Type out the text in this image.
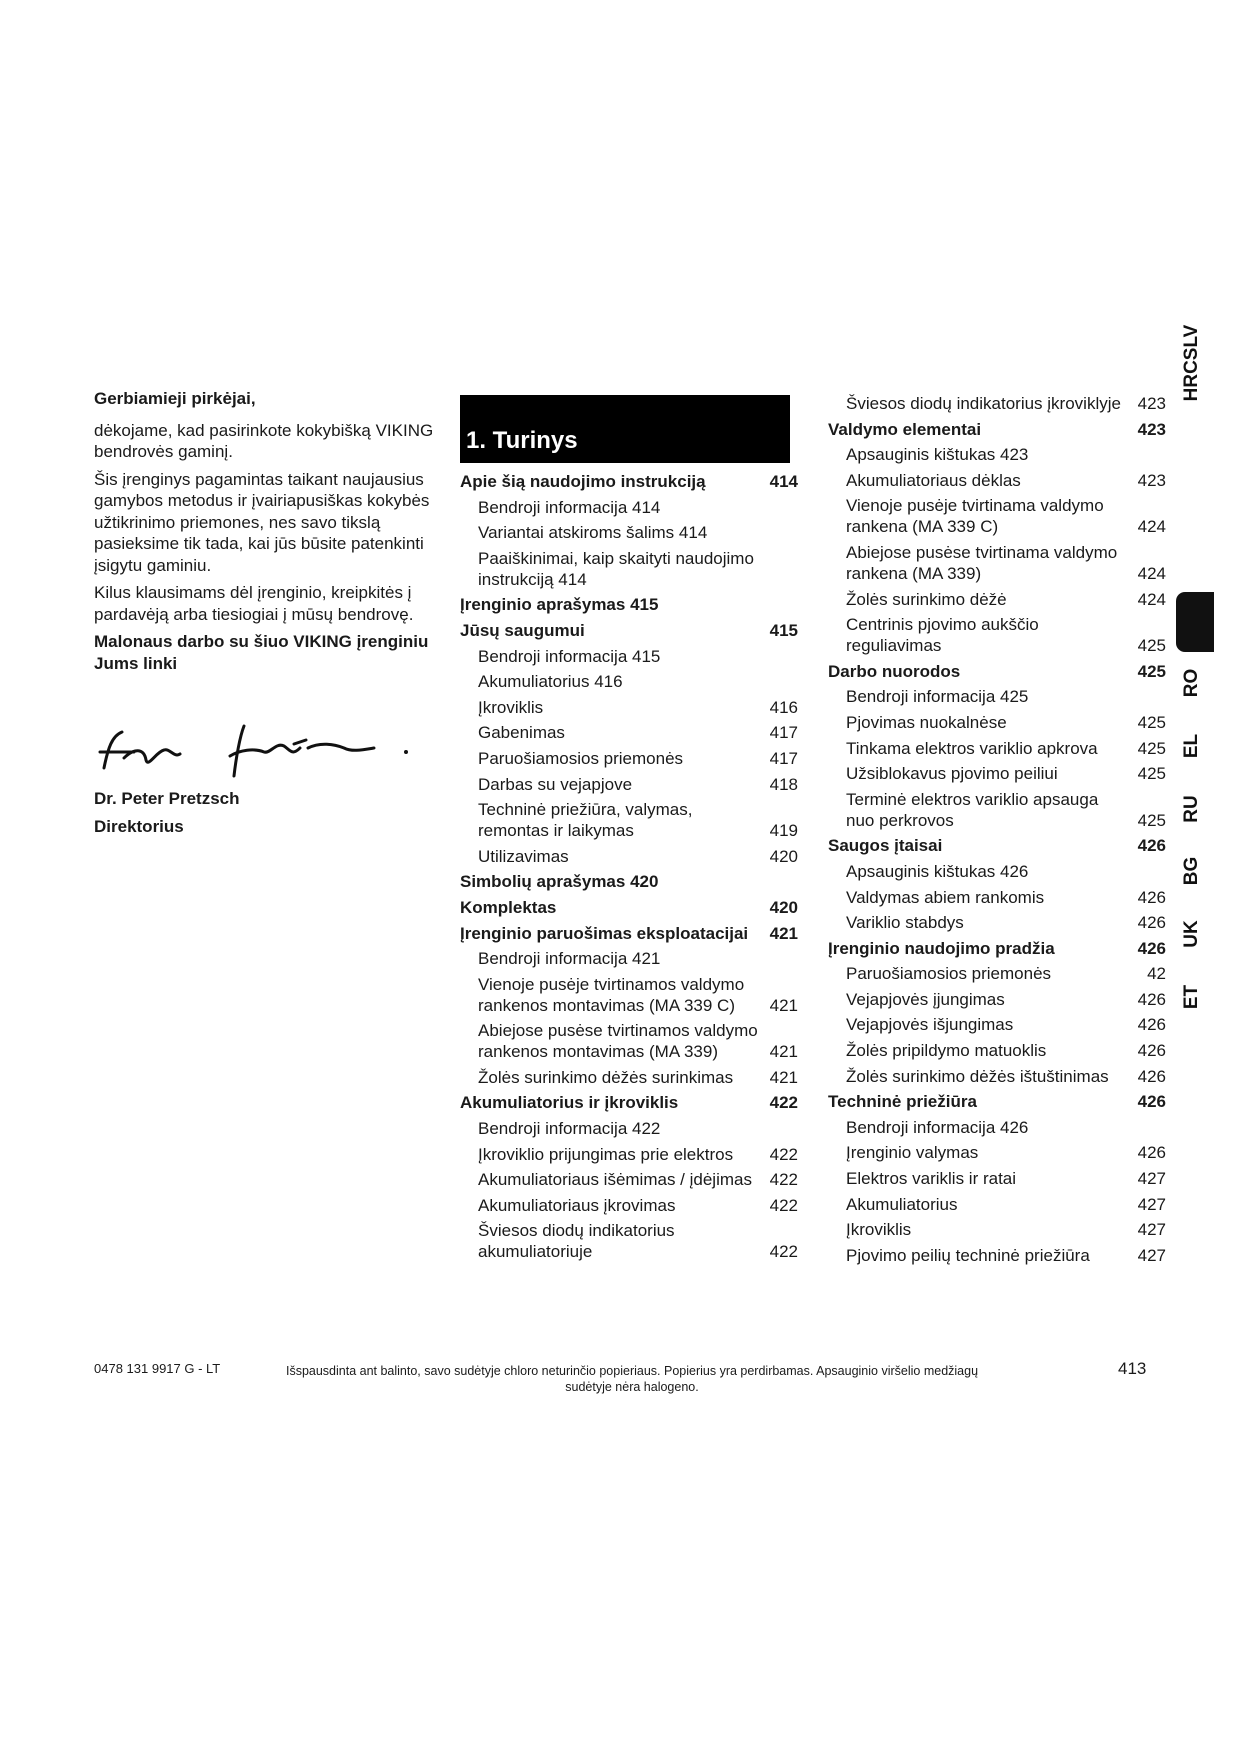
Gerbiamieji pirkėjai,

dėkojame, kad pasirinkote kokybišką VIKING bendrovės gaminį.

Šis įrenginys pagamintas taikant naujausius gamybos metodus ir įvairiapusiškas kokybės užtikrinimo priemones, nes savo tikslą pasieksime tik tada, kai jūs būsite patenkinti įsigytu gaminiu.

Kilus klausimams dėl įrenginio, kreipkitės į pardavėją arba tiesiogiai į mūsų bendrovę.

Malonaus darbo su šiuo VIKING įrenginiu Jums linki

Dr. Peter Pretzsch

Direktorius

1. Turinys
Apie šią naudojimo instrukciją	414
Bendroji informacija 414
Variantai atskiroms šalims 414
Paaiškinimai, kaip skaityti naudojimo instrukciją 414
Įrenginio aprašymas 415
Jūsų saugumui	415
Bendroji informacija 415
Akumuliatorius 416
Įkroviklis	416
Gabenimas	417
Paruošiamosios priemonės	417
Darbas su vejapjove	418
Techninė priežiūra, valymas, remontas ir laikymas	419
Utilizavimas	420
Simbolių aprašymas 420
Komplektas	420
Įrenginio paruošimas eksploatacijai	421
Bendroji informacija 421
Vienoje pusėje tvirtinamos valdymo rankenos montavimas (MA 339 C)	421
Abiejose pusėse tvirtinamos valdymo rankenos montavimas (MA 339)	421
Žolės surinkimo dėžės surinkimas	421
Akumuliatorius ir įkroviklis	422
Bendroji informacija 422
Įkroviklio prijungimas prie elektros	422
Akumuliatoriaus išėmimas / įdėjimas	422
Akumuliatoriaus įkrovimas	422
Šviesos diodų indikatorius akumuliatoriuje	422
Šviesos diodų indikatorius įkroviklyje 423
Valdymo elementai	423
Apsauginis kištukas 423
Akumuliatoriaus dėklas	423
Vienoje pusėje tvirtinama valdymo rankena (MA 339 C)	424
Abiejose pusėse tvirtinama valdymo rankena (MA 339)	424
Žolės surinkimo dėžė	424
Centrinis pjovimo aukščio reguliavimas	425
Darbo nuorodos	425
Bendroji informacija 425
Pjovimas nuokalnėse	425
Tinkama elektros variklio apkrova	425
Užsiblokavus pjovimo peiliui	425
Terminė elektros variklio apsauga nuo perkrovos	425
Saugos įtaisai	426
Apsauginis kištukas 426
Valdymas abiem rankomis	426
Variklio stabdys	426
Įrenginio naudojimo pradžia	426
Paruošiamosios priemonės	42
Vejapjovės įjungimas	426
Vejapjovės išjungimas	426
Žolės pripildymo matuoklis	426
Žolės surinkimo dėžės ištuštinimas	426
Techninė priežiūra	426
Bendroji informacija 426
Įrenginio valymas	426
Elektros variklis ir ratai	427
Akumuliatorius	427
Įkroviklis	427
Pjovimo peilių techninė priežiūra	427
HRCSLV
RO
EL
RU
BG
UK
ET
0478 131 9917 G - LT	Išspausdinta ant balinto, savo sudėtyje chloro neturinčio popieriaus. Popierius yra perdirbamas. Apsauginio viršelio medžiagų sudėtyje nėra halogeno.
413
